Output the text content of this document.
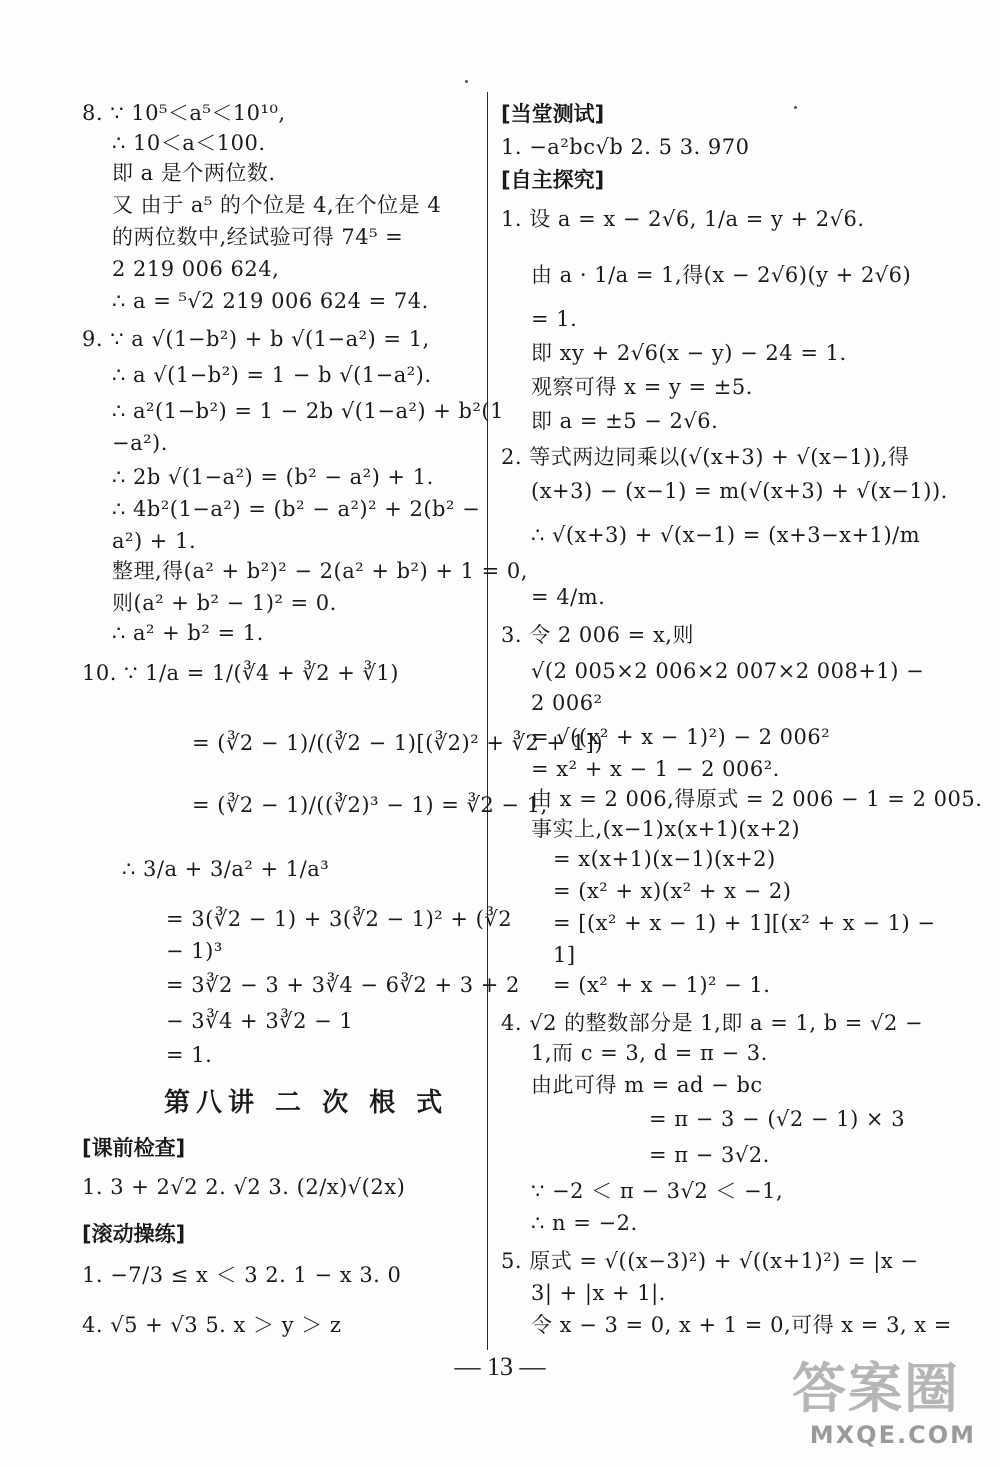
8. ∵ 10⁵＜a⁵＜10¹⁰,
∴ 10＜a＜100.
即 a 是个两位数.
又 由于 a⁵ 的个位是 4,在个位是 4
的两位数中,经试验可得 74⁵ =
2 219 006 624,
∴ a = ⁵√2 219 006 624 = 74.
9. ∵ a √(1−b²) + b √(1−a²) = 1,
∴ a √(1−b²) = 1 − b √(1−a²).
∴ a²(1−b²) = 1 − 2b √(1−a²) + b²(1
−a²).
∴ 2b √(1−a²) = (b² − a²) + 1.
∴ 4b²(1−a²) = (b² − a²)² + 2(b² −
a²) + 1.
整理,得(a² + b²)² − 2(a² + b²) + 1 = 0,
则(a² + b² − 1)² = 0.
∴ a² + b² = 1.
10. ∵ 1/a = 1/(∛4 + ∛2 + ∛1)
= (∛2 − 1)/((∛2 − 1)[(∛2)² + ∛2 + 1])
= (∛2 − 1)/((∛2)³ − 1) = ∛2 − 1,
∴ 3/a + 3/a² + 1/a³
= 3(∛2 − 1) + 3(∛2 − 1)² + (∛2
− 1)³
= 3∛2 − 3 + 3∛4 − 6∛2 + 3 + 2
− 3∛4 + 3∛2 − 1
= 1.
第八讲 二 次 根 式
[课前检查]
1. 3 + 2√2 2. √2 3. (2/x)√(2x)
[滚动操练]
1. −7/3 ≤ x ＜ 3 2. 1 − x 3. 0
4. √5 + √3 5. x ＞ y ＞ z
[当堂测试]
1. −a²bc√b 2. 5 3. 970
[自主探究]
1. 设 a = x − 2√6, 1/a = y + 2√6.
由 a · 1/a = 1,得(x − 2√6)(y + 2√6)
= 1.
即 xy + 2√6(x − y) − 24 = 1.
观察可得 x = y = ±5.
即 a = ±5 − 2√6.
2. 等式两边同乘以(√(x+3) + √(x−1)),得
(x+3) − (x−1) = m(√(x+3) + √(x−1)).
∴ √(x+3) + √(x−1) = (x+3−x+1)/m
= 4/m.
3. 令 2 006 = x,则
√(2 005×2 006×2 007×2 008+1) −
2 006²
= √((x² + x − 1)²) − 2 006²
= x² + x − 1 − 2 006².
由 x = 2 006,得原式 = 2 006 − 1 = 2 005.
事实上,(x−1)x(x+1)(x+2)
= x(x+1)(x−1)(x+2)
= (x² + x)(x² + x − 2)
= [(x² + x − 1) + 1][(x² + x − 1) −
1]
= (x² + x − 1)² − 1.
4. √2 的整数部分是 1,即 a = 1, b = √2 −
1,而 c = 3, d = π − 3.
由此可得 m = ad − bc
= π − 3 − (√2 − 1) × 3
= π − 3√2.
∵ −2 ＜ π − 3√2 ＜ −1,
∴ n = −2.
5. 原式 = √((x−3)²) + √((x+1)²) = |x −
3| + |x + 1|.
令 x − 3 = 0, x + 1 = 0,可得 x = 3, x =
— 13 —	答案圈
MXQE.COM
